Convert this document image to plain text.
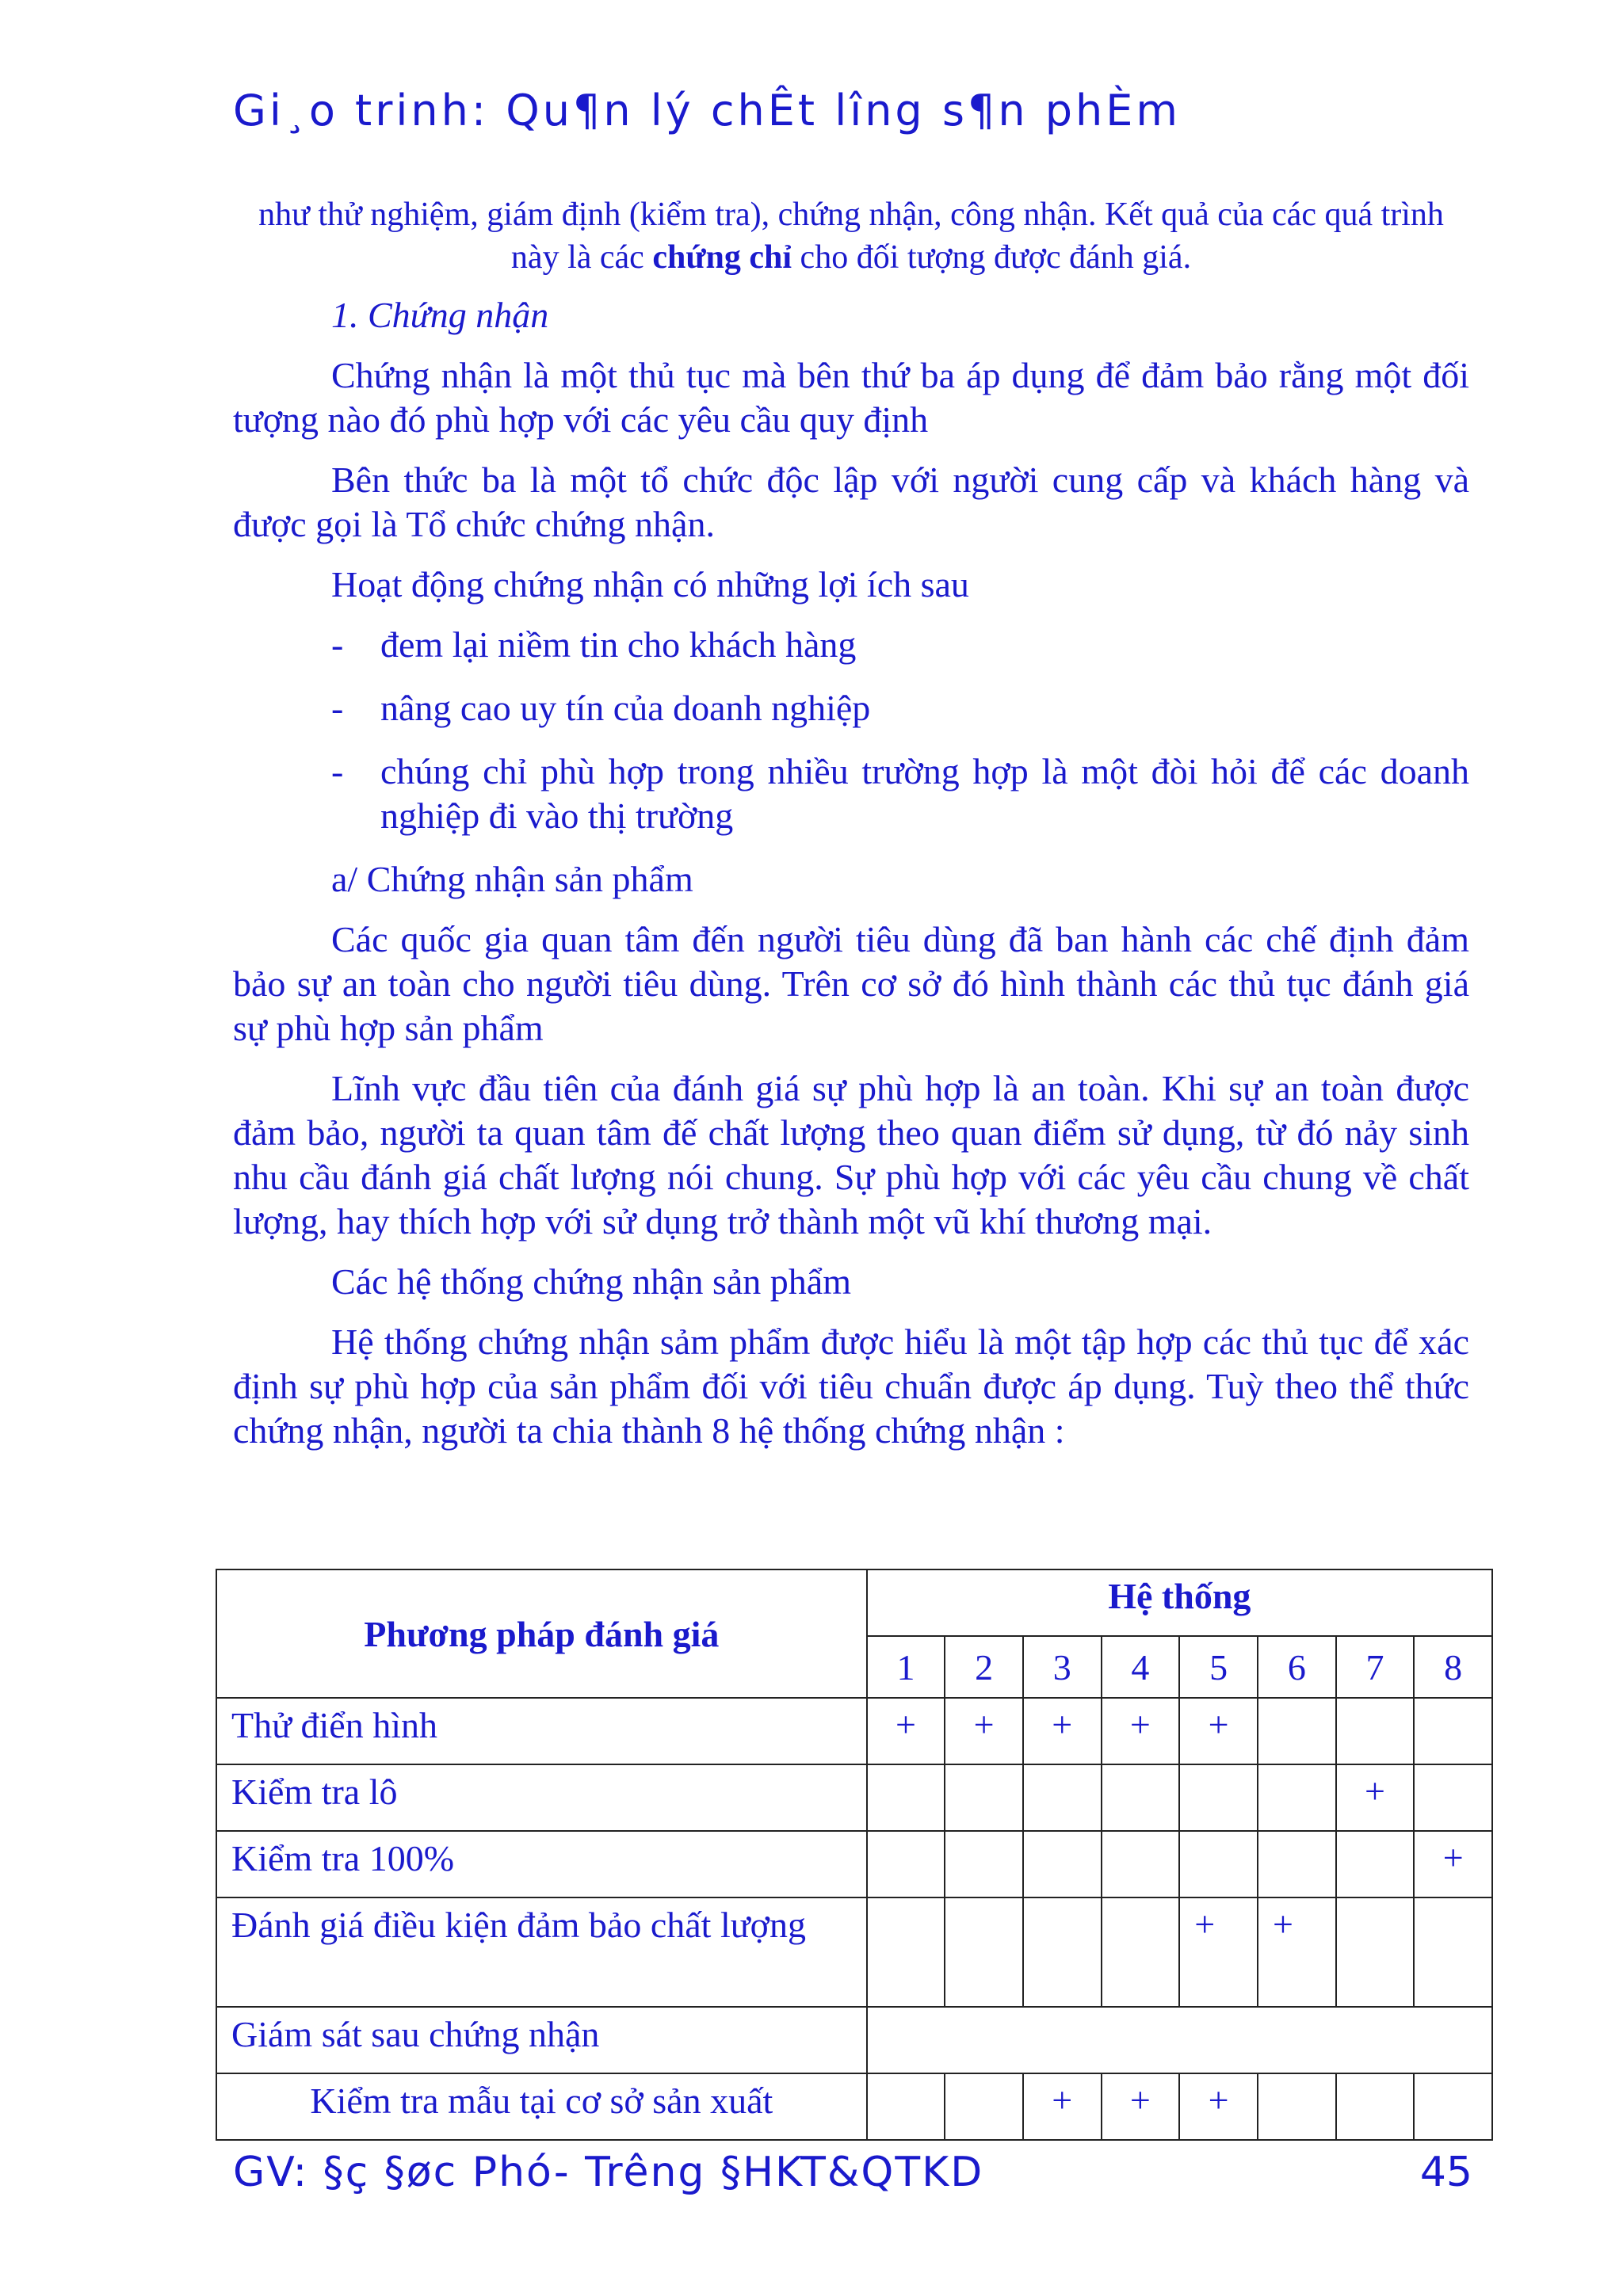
Gi¸o trinh: Qu¶n lý chÊt lîng s¶n phÈm
như thử nghiệm, giám định (kiểm tra), chứng nhận, công nhận. Kết quả của các quá trình này là các chứng chỉ cho đối tượng được đánh giá.

1. Chứng nhận

Chứng nhận là một thủ tục mà bên thứ ba áp dụng để đảm bảo rằng một đối tượng nào đó phù hợp với các yêu cầu quy định

Bên thức ba là một tổ chức độc lập với người cung cấp và khách hàng và được gọi là Tổ chức chứng nhận.

Hoạt động chứng nhận có những lợi ích sau

- đem lại niềm tin cho khách hàng

- nâng cao uy tín của doanh nghiệp

- chúng chỉ phù hợp trong nhiều trường hợp là một đòi hỏi để các doanh nghiệp đi vào thị trường

a/ Chứng nhận sản phẩm

Các quốc gia quan tâm đến người tiêu dùng đã ban hành các chế định đảm bảo sự an toàn cho người tiêu dùng. Trên cơ sở đó hình thành các thủ tục đánh giá sự phù hợp sản phẩm

Lĩnh vực đầu tiên của đánh giá sự phù hợp là an toàn. Khi sự an toàn được đảm bảo, người ta quan tâm đế chất lượng theo quan điểm sử dụng, từ đó nảy sinh nhu cầu đánh giá chất lượng nói chung. Sự phù hợp với các yêu cầu chung về chất lượng, hay thích hợp với sử dụng trở thành một vũ khí thương mại.

Các hệ thống chứng nhận sản phẩm

Hệ thống chứng nhận sảm phẩm được hiểu là một tập hợp các thủ tục để xác định sự phù hợp của sản phẩm đối với tiêu chuẩn được áp dụng. Tuỳ theo thể thức chứng nhận, người ta chia thành 8 hệ thống chứng nhận :

Phương pháp đánh giá	Hệ thống							
	1	2	3	4	5	6	7	8
Thử điển hình	+	+	+	+	+			
Kiểm tra lô							+	
Kiểm tra 100%								+
Đánh giá điều kiện đảm bảo chất lượng					+	+		
Giám sát sau chứng nhận								
Kiểm tra mẫu tại cơ sở sản xuất			+	+	+			
GV: §ç §øc Phó- Trêng §HKT&QTKD	45
